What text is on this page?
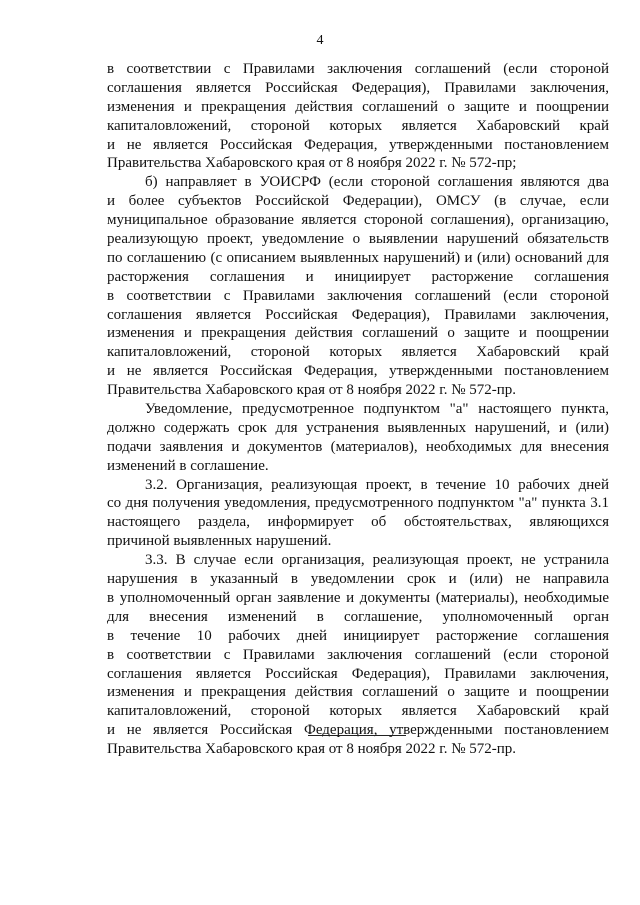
4
в соответствии с Правилами заключения соглашений (если стороной
соглашения является Российская Федерация), Правилами заключения,
изменения и прекращения действия соглашений о защите и поощрении
капиталовложений, стороной которых является Хабаровский край
и не является Российская Федерация, утвержденными постановлением
Правительства Хабаровского края от 8 ноября 2022 г. № 572-пр;
б) направляет в УОИСРФ (если стороной соглашения являются два
и более субъектов Российской Федерации), ОМСУ (в случае, если
муниципальное образование является стороной соглашения), организацию,
реализующую проект, уведомление о выявлении нарушений обязательств
по соглашению (с описанием выявленных нарушений) и (или) оснований для
расторжения соглашения и инициирует расторжение соглашения
в соответствии с Правилами заключения соглашений (если стороной
соглашения является Российская Федерация), Правилами заключения,
изменения и прекращения действия соглашений о защите и поощрении
капиталовложений, стороной которых является Хабаровский край
и не является Российская Федерация, утвержденными постановлением
Правительства Хабаровского края от 8 ноября 2022 г. № 572-пр.
Уведомление, предусмотренное подпунктом "а" настоящего пункта,
должно содержать срок для устранения выявленных нарушений, и (или)
подачи заявления и документов (материалов), необходимых для внесения
изменений в соглашение.
3.2. Организация, реализующая проект, в течение 10 рабочих дней
со дня получения уведомления, предусмотренного подпунктом "а" пункта 3.1
настоящего раздела, информирует об обстоятельствах, являющихся
причиной выявленных нарушений.
3.3. В случае если организация, реализующая проект, не устранила
нарушения в указанный в уведомлении срок и (или) не направила
в уполномоченный орган заявление и документы (материалы), необходимые
для внесения изменений в соглашение, уполномоченный орган
в течение 10 рабочих дней инициирует расторжение соглашения
в соответствии с Правилами заключения соглашений (если стороной
соглашения является Российская Федерация), Правилами заключения,
изменения и прекращения действия соглашений о защите и поощрении
капиталовложений, стороной которых является Хабаровский край
и не является Российская Федерация, утвержденными постановлением
Правительства Хабаровского края от 8 ноября 2022 г. № 572-пр.
